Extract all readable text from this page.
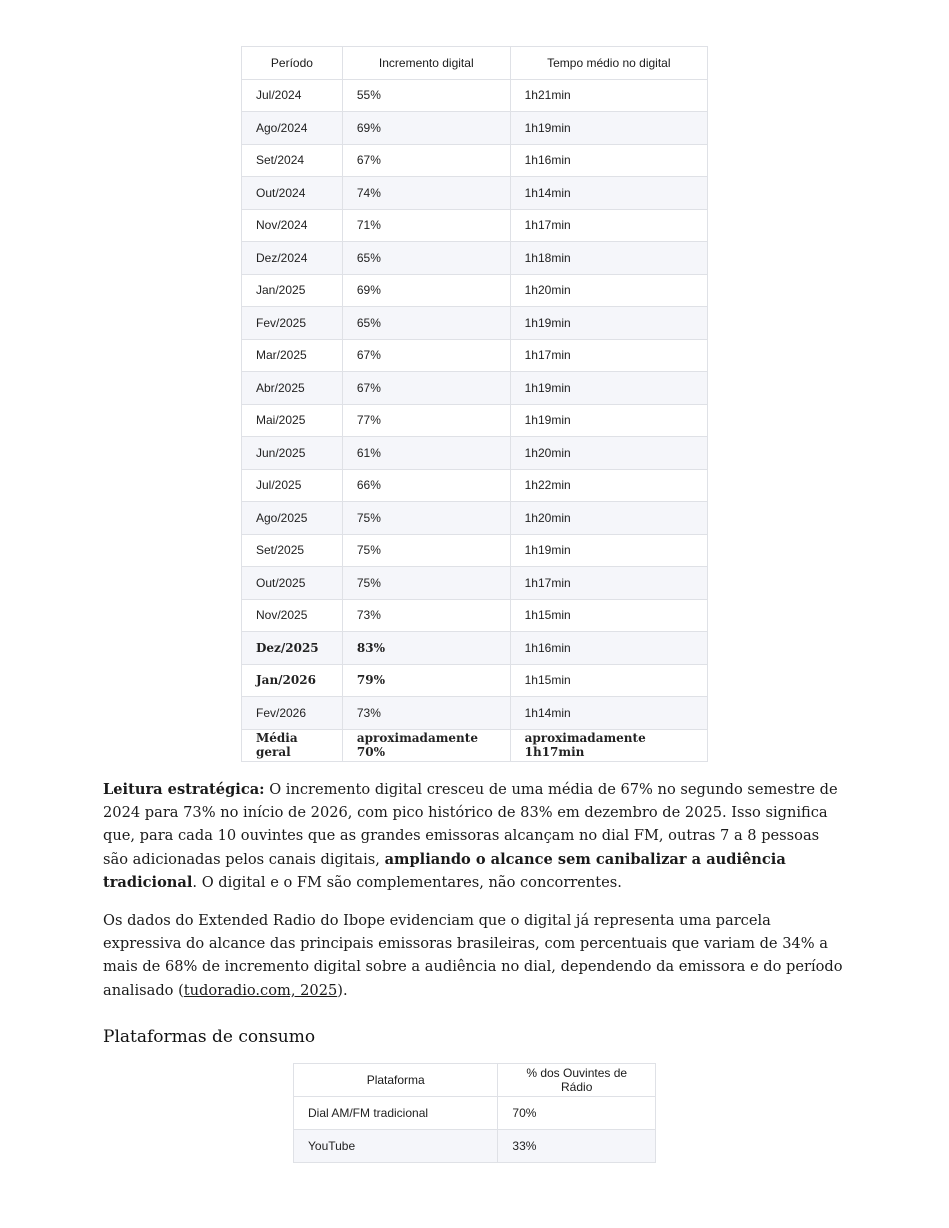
Período	Incremento digital	Tempo médio no digital
Jul/2024	55%	1h21min
Ago/2024	69%	1h19min
Set/2024	67%	1h16min
Out/2024	74%	1h14min
Nov/2024	71%	1h17min
Dez/2024	65%	1h18min
Jan/2025	69%	1h20min
Fev/2025	65%	1h19min
Mar/2025	67%	1h17min
Abr/2025	67%	1h19min
Mai/2025	77%	1h19min
Jun/2025	61%	1h20min
Jul/2025	66%	1h22min
Ago/2025	75%	1h20min
Set/2025	75%	1h19min
Out/2025	75%	1h17min
Nov/2025	73%	1h15min
Dez/2025	83%	1h16min
Jan/2026	79%	1h15min
Fev/2026	73%	1h14min
Média geral	aproximadamente 70%	aproximadamente 1h17min

Leitura estratégica: O incremento digital cresceu de uma média de 67% no segundo semestre de 2024 para 73% no início de 2026, com pico histórico de 83% em dezembro de 2025. Isso significa que, para cada 10 ouvintes que as grandes emissoras alcançam no dial FM, outras 7 a 8 pessoas são adicionadas pelos canais digitais, ampliando o alcance sem canibalizar a audiência tradicional. O digital e o FM são complementares, não concorrentes.

Os dados do Extended Radio do Ibope evidenciam que o digital já representa uma parcela expressiva do alcance das principais emissoras brasileiras, com percentuais que variam de 34% a mais de 68% de incremento digital sobre a audiência no dial, dependendo da emissora e do período analisado (tudoradio.com, 2025).

Plataformas de consumo
Plataforma	% dos Ouvintes de Rádio
Dial AM/FM tradicional	70%
YouTube	33%
